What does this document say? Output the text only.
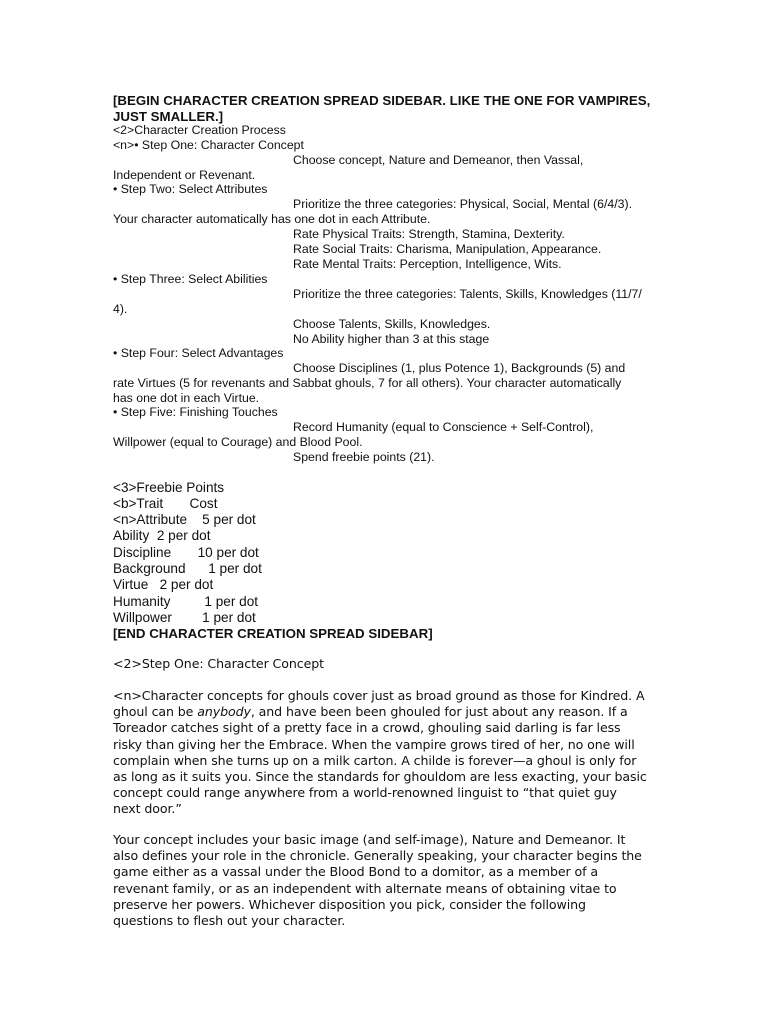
[BEGIN CHARACTER CREATION SPREAD SIDEBAR. LIKE THE ONE FOR VAMPIRES, JUST SMALLER.]
<2>Character Creation Process
<n>• Step One: Character Concept
Choose concept, Nature and Demeanor, then Vassal,
Independent or Revenant.
• Step Two: Select Attributes
Prioritize the three categories: Physical, Social, Mental (6/4/3).
Your character automatically has one dot in each Attribute.
Rate Physical Traits: Strength, Stamina, Dexterity.
Rate Social Traits: Charisma, Manipulation, Appearance.
Rate Mental Traits: Perception, Intelligence, Wits.
• Step Three: Select Abilities
Prioritize the three categories: Talents, Skills, Knowledges (11/7/
4).
Choose Talents, Skills, Knowledges.
No Ability higher than 3 at this stage
• Step Four: Select Advantages
Choose Disciplines (1, plus Potence 1), Backgrounds (5) and
rate Virtues (5 for revenants and Sabbat ghouls, 7 for all others). Your character automatically
has one dot in each Virtue.
• Step Five: Finishing Touches
Record Humanity (equal to Conscience + Self-Control),
Willpower (equal to Courage) and Blood Pool.
Spend freebie points (21).
<3>Freebie Points
<b>Trait       Cost
<n>Attribute    5 per dot
Ability  2 per dot
Discipline       10 per dot
Background      1 per dot
Virtue   2 per dot
Humanity         1 per dot
Willpower        1 per dot
[END CHARACTER CREATION SPREAD SIDEBAR]
<2>Step One: Character Concept

<n>Character concepts for ghouls cover just as broad ground as those for Kindred. A ghoul can be anybody, and have been been ghouled for just about any reason. If a Toreador catches sight of a pretty face in a crowd, ghouling said darling is far less risky than giving her the Embrace. When the vampire grows tired of her, no one will complain when she turns up on a milk carton. A childe is forever—a ghoul is only for as long as it suits you. Since the standards for ghouldom are less exacting, your basic concept could range anywhere from a world-renowned linguist to “that quiet guy next door.”

Your concept includes your basic image (and self-image), Nature and Demeanor. It also defines your role in the chronicle. Generally speaking, your character begins the game either as a vassal under the Blood Bond to a domitor, as a member of a revenant family, or as an independent with alternate means of obtaining vitae to preserve her powers. Whichever disposition you pick, consider the following questions to flesh out your character.
